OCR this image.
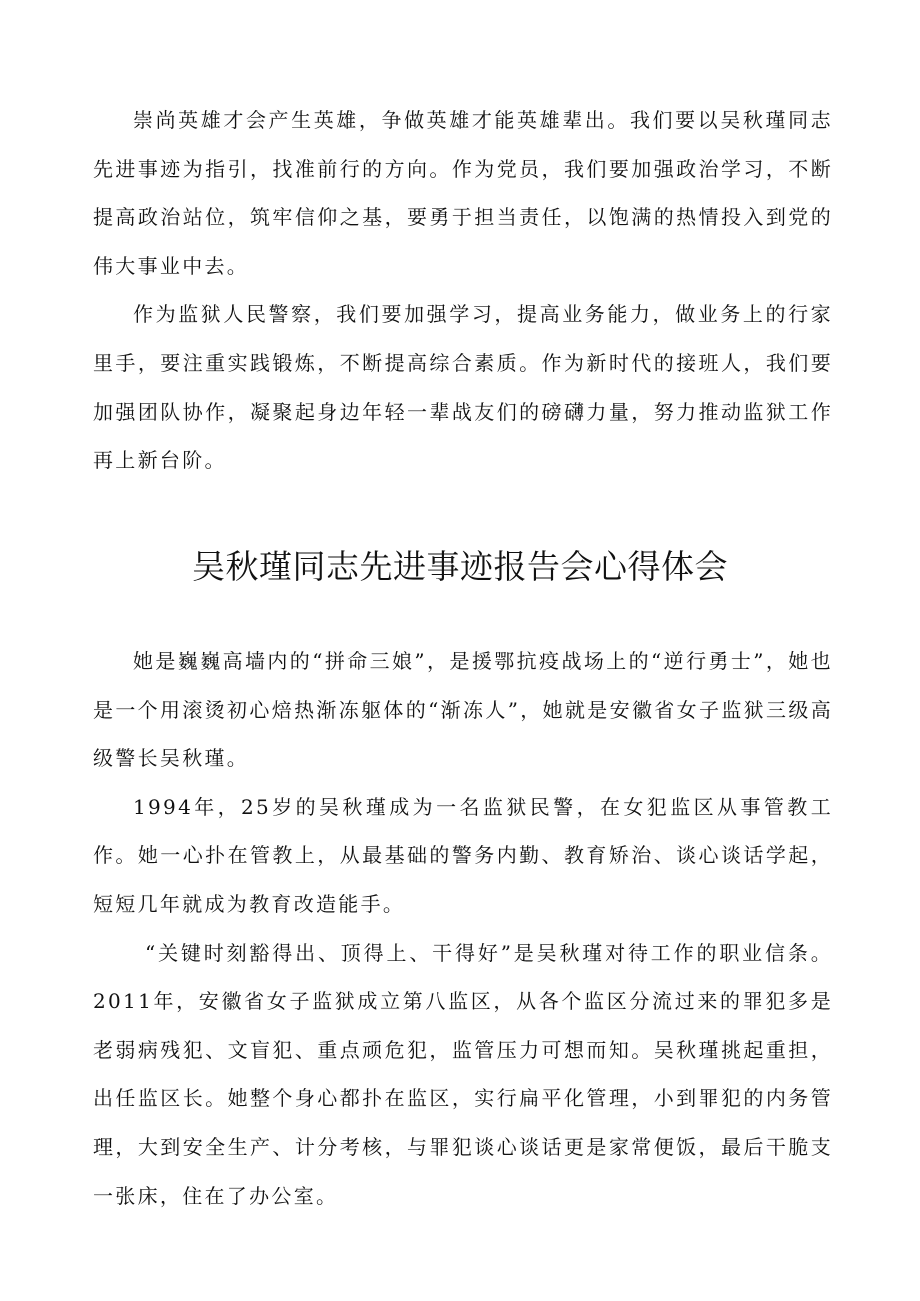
崇尚英雄才会产生英雄，争做英雄才能英雄辈出。我们要以吴秋瑾同志先进事迹为指引，找准前行的方向。作为党员，我们要加强政治学习，不断提高政治站位，筑牢信仰之基，要勇于担当责任，以饱满的热情投入到党的伟大事业中去。

作为监狱人民警察，我们要加强学习，提高业务能力，做业务上的行家里手，要注重实践锻炼，不断提高综合素质。作为新时代的接班人，我们要加强团队协作，凝聚起身边年轻一辈战友们的磅礴力量，努力推动监狱工作再上新台阶。

吴秋瑾同志先进事迹报告会心得体会

她是巍巍高墙内的“拼命三娘”，是援鄂抗疫战场上的“逆行勇士”，她也是一个用滚烫初心焙热渐冻躯体的“渐冻人”，她就是安徽省女子监狱三级高级警长吴秋瑾。

1994年，25岁的吴秋瑾成为一名监狱民警，在女犯监区从事管教工作。她一心扑在管教上，从最基础的警务内勤、教育矫治、谈心谈话学起，短短几年就成为教育改造能手。

“关键时刻豁得出、顶得上、干得好”是吴秋瑾对待工作的职业信条。2011年，安徽省女子监狱成立第八监区，从各个监区分流过来的罪犯多是老弱病残犯、文盲犯、重点顽危犯，监管压力可想而知。吴秋瑾挑起重担，出任监区长。她整个身心都扑在监区，实行扁平化管理，小到罪犯的内务管理，大到安全生产、计分考核，与罪犯谈心谈话更是家常便饭，最后干脆支一张床，住在了办公室。
